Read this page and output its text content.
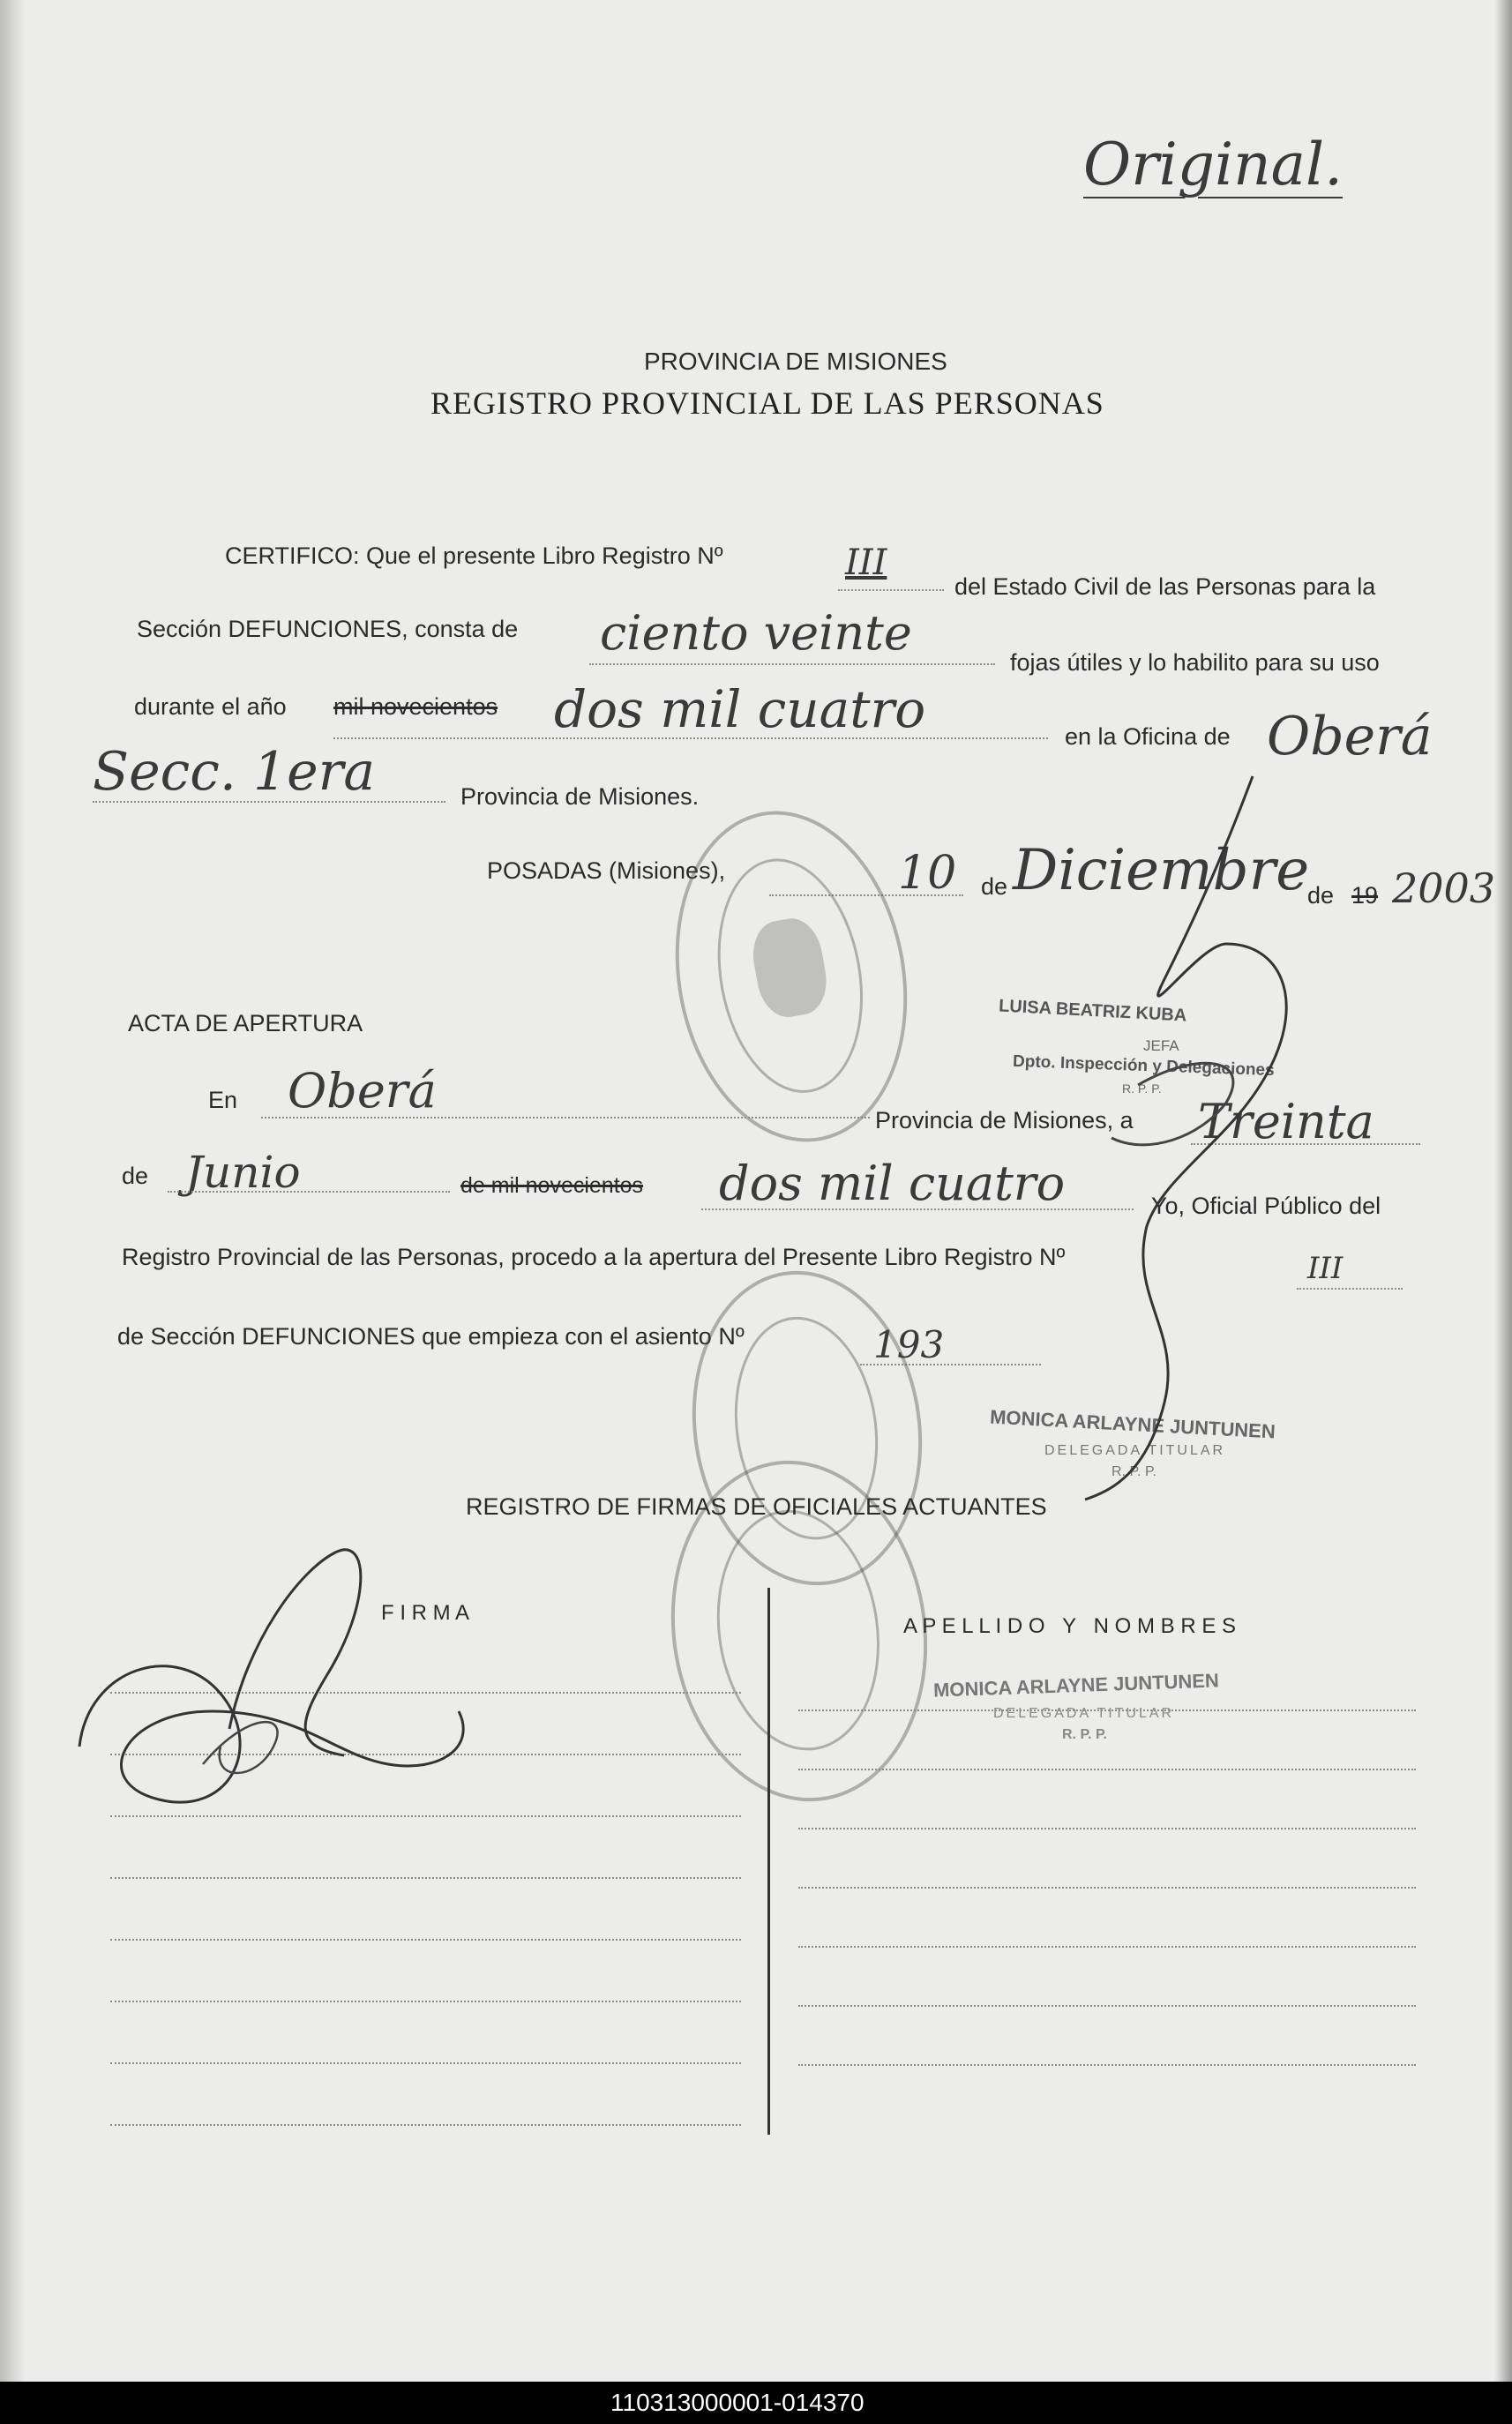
Original.
PROVINCIA DE MISIONES
REGISTRO PROVINCIAL DE LAS PERSONAS
CERTIFICO: Que el presente Libro Registro Nº	III
del Estado Civil de las Personas para la
Sección DEFUNCIONES, consta de ciento veinte
fojas útiles y lo habilito para su uso
durante el año mil novecientos dos mil cuatro	en la Oficina de Oberá
Secc. 1era	Provincia de Misiones.
POSADAS (Misiones),	10 de Diciembre
de 19 2003
LUISA BEATRIZ KUBA
JEFA
Dpto. Inspección y Delegaciones
R. P. P.
ACTA DE APERTURA
En Oberá
Provincia de Misiones, a Treinta
de Junio	de mil novecientos dos mil cuatro	Yo, Oficial Público del
Registro Provincial de las Personas, procedo a la apertura del Presente Libro Registro Nº	III
de Sección DEFUNCIONES que empieza con el asiento Nº	193
MONICA ARLAYNE JUNTUNEN
DELEGADA TITULAR
R. P. P.
REGISTRO DE FIRMAS DE OFICIALES ACTUANTES
F I R M A
A P E L L I D O   Y   N O M B R E S
MONICA ARLAYNE JUNTUNEN
DELEGADA TITULAR
R. P. P.
110313000001-014370
